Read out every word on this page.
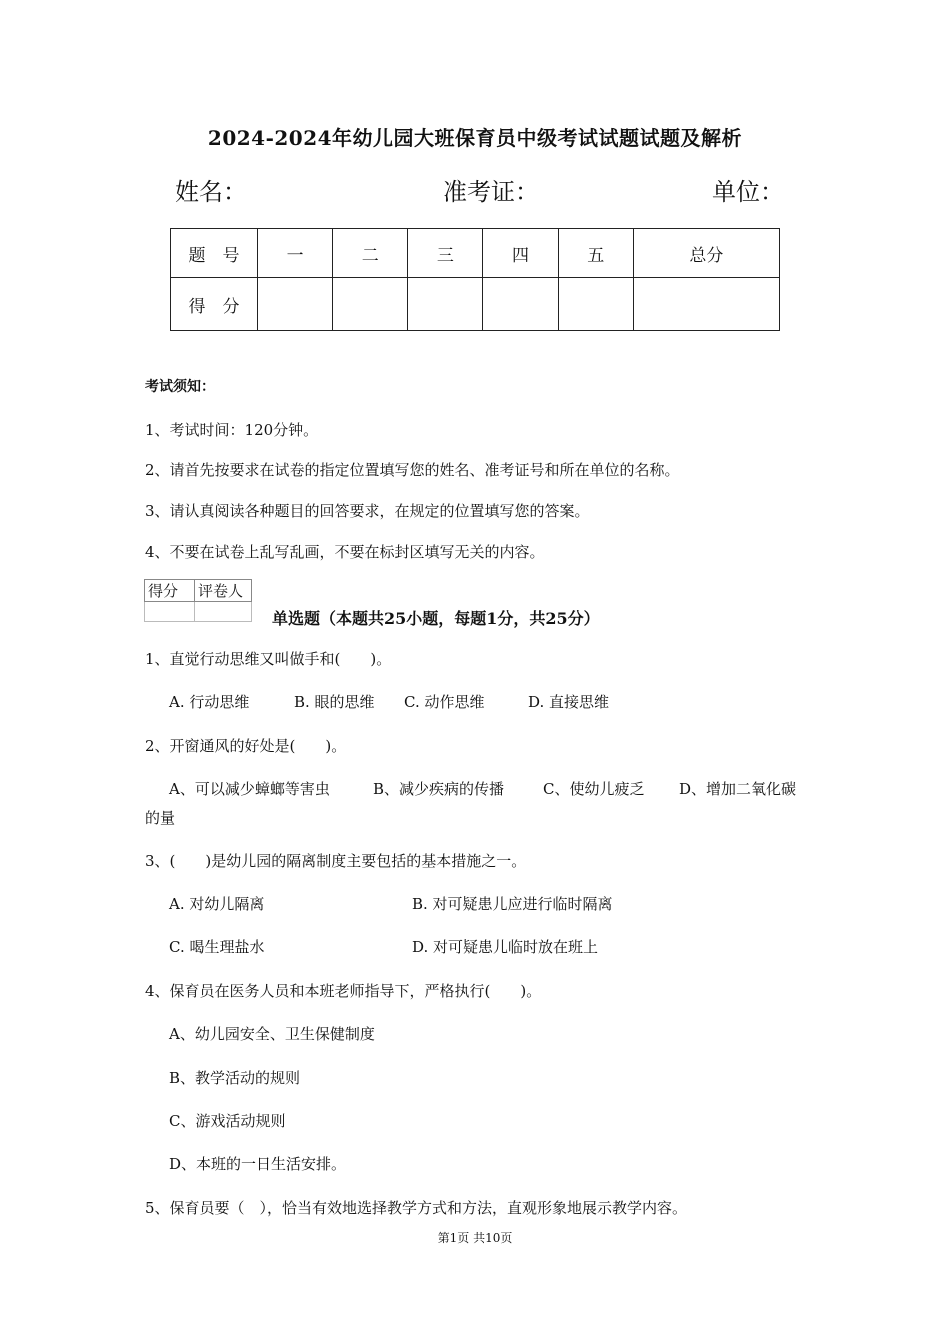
2024-2024年幼儿园大班保育员中级考试试题试题及解析
姓名：	准考证：	单位：
题　号	一	二	三	四	五	总分
得　分						
考试须知：
1、考试时间：120分钟。
2、请首先按要求在试卷的指定位置填写您的姓名、准考证号和所在单位的名称。
3、请认真阅读各种题目的回答要求，在规定的位置填写您的答案。
4、不要在试卷上乱写乱画，不要在标封区填写无关的内容。
得分	评卷人

单选题（本题共25小题，每题1分，共25分）
1、直觉行动思维又叫做手和(　　)。
A. 行动思维	B. 眼的思维 C. 动作思维	D. 直接思维
2、开窗通风的好处是(　　)。
A、可以减少蟑螂等害虫	B、减少疾病的传播	C、使幼儿疲乏 D、增加二氧化碳
的量
3、(　　)是幼儿园的隔离制度主要包括的基本措施之一。
A. 对幼儿隔离	B. 对可疑患儿应进行临时隔离
C. 喝生理盐水	D. 对可疑患儿临时放在班上
4、保育员在医务人员和本班老师指导下，严格执行(　　)。
A、幼儿园安全、卫生保健制度
B、教学活动的规则
C、游戏活动规则
D、本班的一日生活安排。
5、保育员要（　），恰当有效地选择教学方式和方法，直观形象地展示教学内容。
第1页 共10页
